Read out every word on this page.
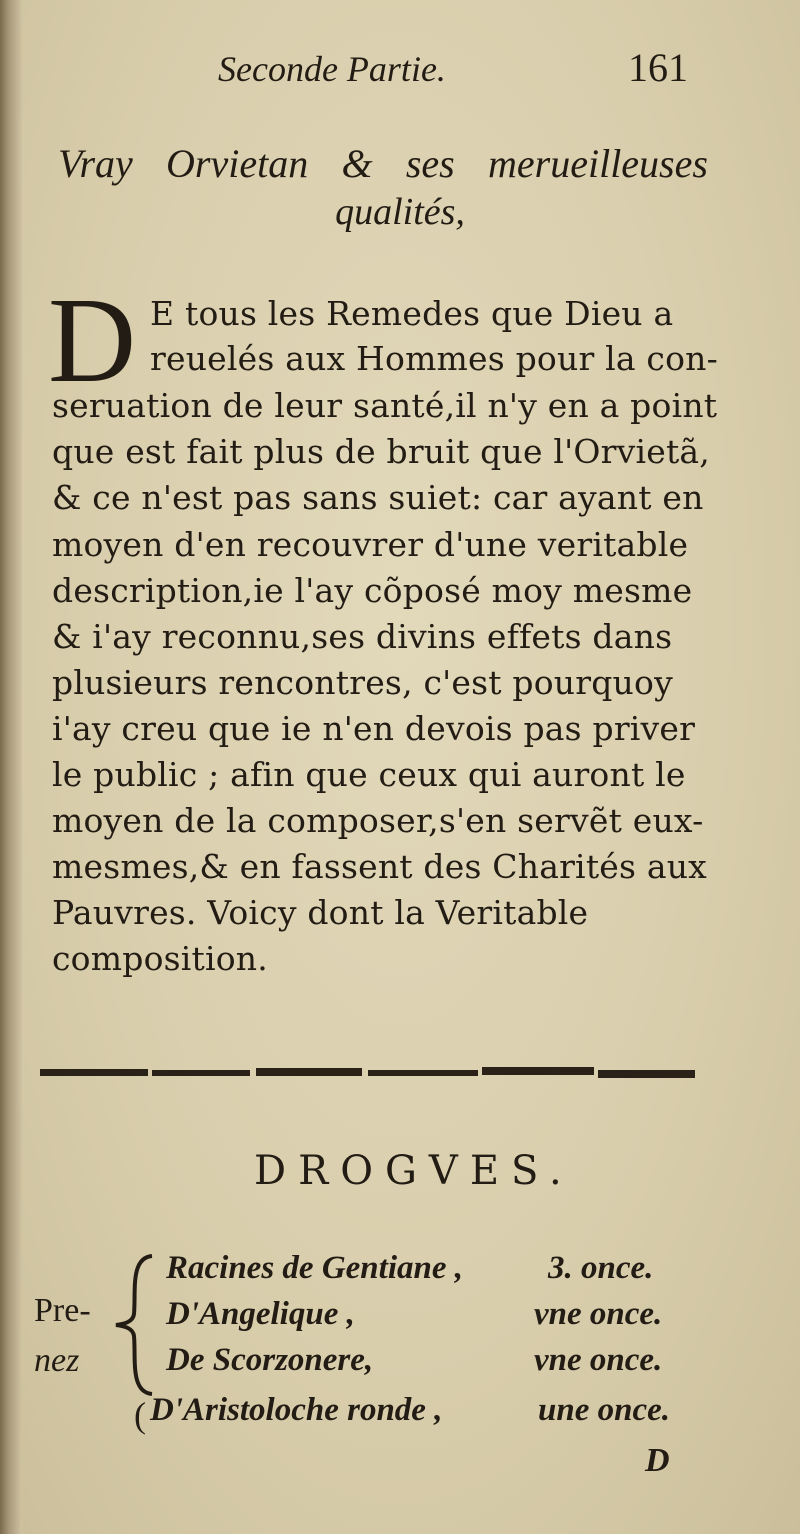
Seconde Partie.	161
Vray Orvietan & ses merueilleuses
qualités,
D E tous les Remedes que Dieu a
reuelés aux Hommes pour la con-
seruation de leur santé,il n'y en a point
que est fait plus de bruit que l'Orvietã,
& ce n'est pas sans suiet: car ayant en
moyen d'en recouvrer d'une veritable
description,ie l'ay cõposé moy mesme
& i'ay reconnu,ses divins effets dans
plusieurs rencontres, c'est pourquoy
i'ay creu que ie n'en devois pas priver
le public ; afin que ceux qui auront le
moyen de la composer,s'en servẽt eux-
mesmes,& en fassent des Charités aux
Pauvres. Voicy dont la Veritable
composition.
DROGVES.
Pre-
nez
Racines de Gentiane ,	3. once.
D'Angelique ,	vne once.
De Scorzonere,	vne once.
( D'Aristoloche ronde ,	une once.
D
